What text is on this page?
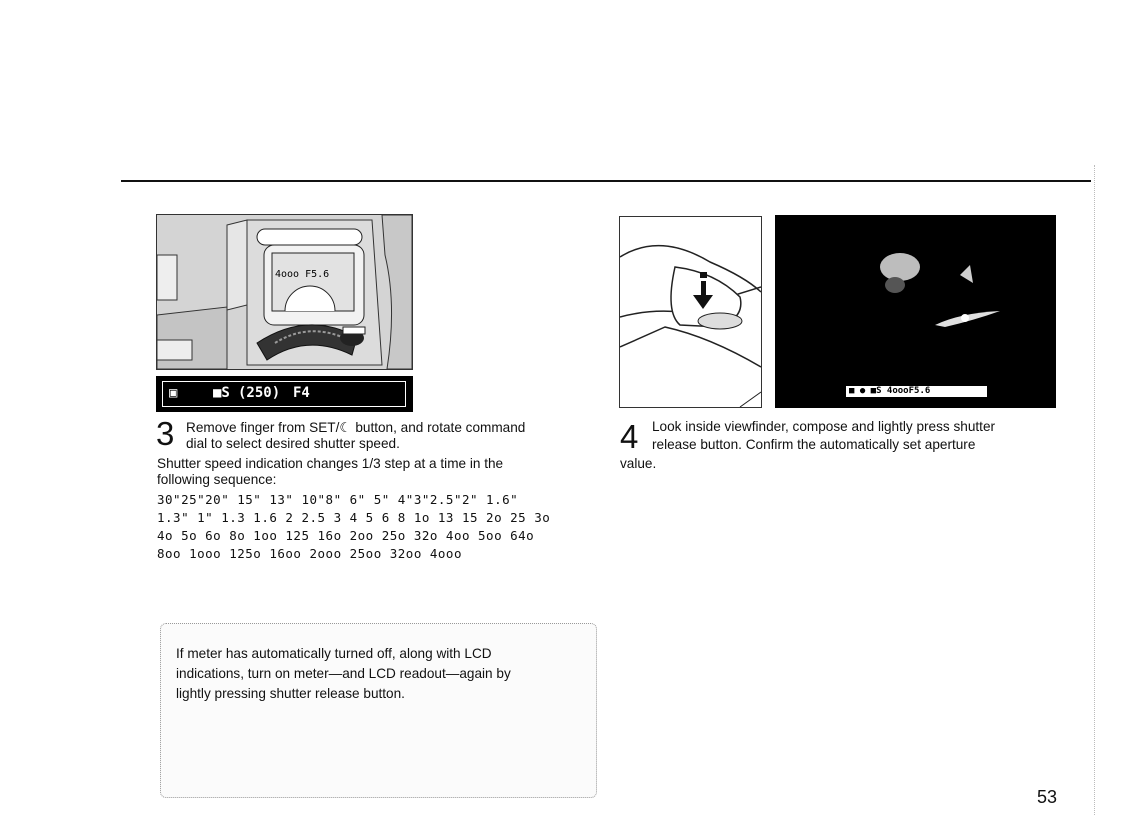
4ooo F5.6
▣	■S (250) F4
3 Remove finger from SET/☾ button, and rotate command
dial to select desired shutter speed.
Shutter speed indication changes 1/3 step at a time in the
following sequence:
30"25"20" 15" 13" 10"8" 6" 5" 4"3"2.5"2" 1.6"
1.3" 1" 1.3 1.6 2 2.5 3 4 5 6 8 1o 13 15 2o 25 3o
4o 5o 6o 8o 1oo 125 16o 2oo 25o 32o 4oo 5oo 64o
8oo 1ooo 125o 16oo 2ooo 25oo 32oo 4ooo
If meter has automatically turned off, along with LCD
indications, turn on meter—and LCD readout—again by
lightly pressing shutter release button.
■ ● ■S 4oooF5.6
4 Look inside viewfinder, compose and lightly press shutter
release button. Confirm the automatically set aperture
value.
53
